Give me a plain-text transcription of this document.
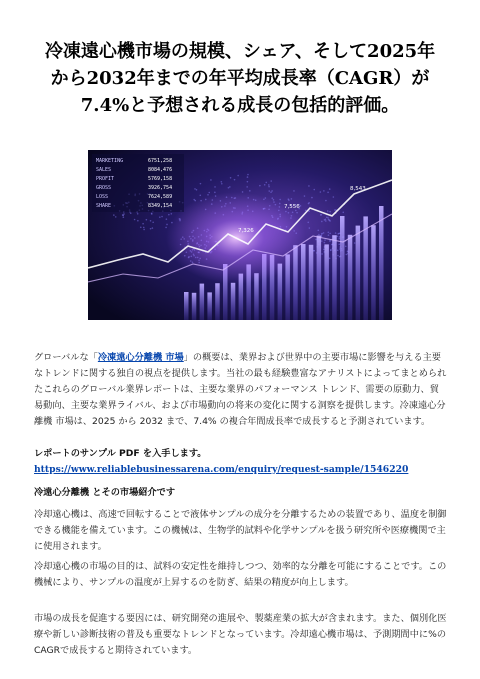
冷凍遠心機市場の規模、シェア、そして2025年
から2032年までの年平均成長率（CAGR）が
7.4%と予想される成長の包括的評価。
MARKETING	6751,258
SALES	8084,476
PROFIT	5769,158
GROSS	3926,754
LOSS	7624,589
SHARE	8349,154	7,556
7,326
8,543

グローバルな「冷凍遠心分離機 市場」の概要は、業界および世界中の主要市場に影響を与える主要なトレンドに関する独自の視点を提供します。当社の最も経験豊富なアナリストによってまとめられたこれらのグローバル業界レポートは、主要な業界のパフォーマンス トレンド、需要の原動力、貿易動向、主要な業界ライバル、および市場動向の将来の変化に関する洞察を提供します。冷凍遠心分離機 市場は、2025 から 2032 まで、7.4% の複合年間成長率で成長すると予測されています。

レポートのサンプル PDF を入手します。 https://www.reliablebusinessarena.com/enquiry/request-sample/1546220

冷遠心分離機 とその市場紹介です

冷却遠心機は、高速で回転することで液体サンプルの成分を分離するための装置であり、温度を制御できる機能を備えています。この機械は、生物学的試料や化学サンプルを扱う研究所や医療機関で主に使用されます。

冷却遠心機の市場の目的は、試料の安定性を維持しつつ、効率的な分離を可能にすることです。この機械により、サンプルの温度が上昇するのを防ぎ、結果の精度が向上します。

市場の成長を促進する要因には、研究開発の進展や、製薬産業の拡大が含まれます。また、個別化医療や新しい診断技術の普及も重要なトレンドとなっています。冷却遠心機市場は、予測期間中に%のCAGRで成長すると期待されています。
